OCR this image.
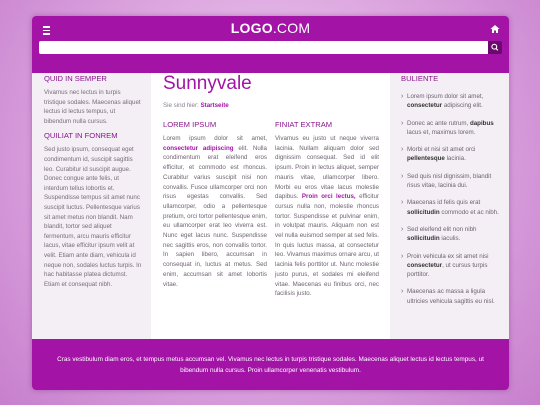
LOGO.COM
QUID IN SEMPER

Vivamus nec lectus in turpis tristique sodales. Maecenas aliquet lectus id lectus tempus, ut bibendum nulla cursus.

QUILIAT IN FONREM

Sed justo ipsum, consequat eget condimentum id, suscipit sagittis leo. Curabitur id suscipit augue. Donec congue ante felis, ut interdum tellus lobortis et. Suspendisse tempus sit amet nunc suscipit luctus. Pellentesque varius sit amet metus non blandit. Nam blandit, tortor sed aliquet fermentum, arcu mauris efficitur lacus, vitae efficitur ipsum velit at velit. Etiam ante diam, vehicula id neque non, sodales luctus turpis. In hac habitasse platea dictumst. Etiam et consequat nibh.

Sunnyvale
Sie sind hier: Startseite
LOREM IPSUM

Lorem ipsum dolor sit amet, consectetur adipiscing elit. Nulla condimentum erat eleifend eros efficitur, et commodo est rhoncus. Curabitur varius suscipit nisi non convallis. Fusce ullamcorper orci non risus egestas convallis. Sed ullamcorper, odio a pellentesque pretium, orci tortor pellentesque enim, eu ullamcorper erat leo viverra est. Nunc eget lacus nunc. Suspendisse nec sagittis eros, non convallis tortor. In sapien libero, accumsan in consequat in, luctus at metus. Sed enim, accumsan sit amet lobortis vitae.

FINIAT EXTRAM

Vivamus eu justo ut neque viverra lacinia. Nullam aliquam dolor sed dignissim consequat. Sed id elit ipsum. Proin in lectus aliquet, semper mauris vitae, ullamcorper libero. Morbi eu eros vitae lacus molestie dapibus. Proin orci lectus, efficitur cursus nulla non, molestie rhoncus tortor. Suspendisse et pulvinar enim, in volutpat mauris. Aliquam non est vel nulla euismod semper at sed felis. In quis luctus massa, at consectetur leo. Vivamus maximus ornare arcu, ut lacinia felis porttitor ut. Nunc molestie justo purus, et sodales mi eleifend vitae. Maecenas eu finibus orci, nec facilisis justo.

BULIENTE
› Lorem ipsum dolor sit amet, consectetur adipiscing elit.
› Donec ac ante rutrum, dapibus lacus et, maximus lorem.
› Morbi et nisi sit amet orci pellentesque lacinia.
› Sed quis nisl dignissim, blandit risus vitae, lacinia dui.
› Maecenas id felis quis erat sollicitudin commodo et ac nibh.
› Sed eleifend elit non nibh sollicitudin iaculis.
› Proin vehicula ex sit amet nisi consectetur, ut cursus turpis porttitor.
› Maecenas ac massa a ligula ultricies vehicula sagittis eu nisl.

Cras vestibulum diam eros, et tempus metus accumsan vel. Vivamus nec lectus in turpis tristique sodales. Maecenas aliquet lectus id lectus tempus, ut bibendum nulla cursus. Proin ullamcorper venenatis vestibulum.
